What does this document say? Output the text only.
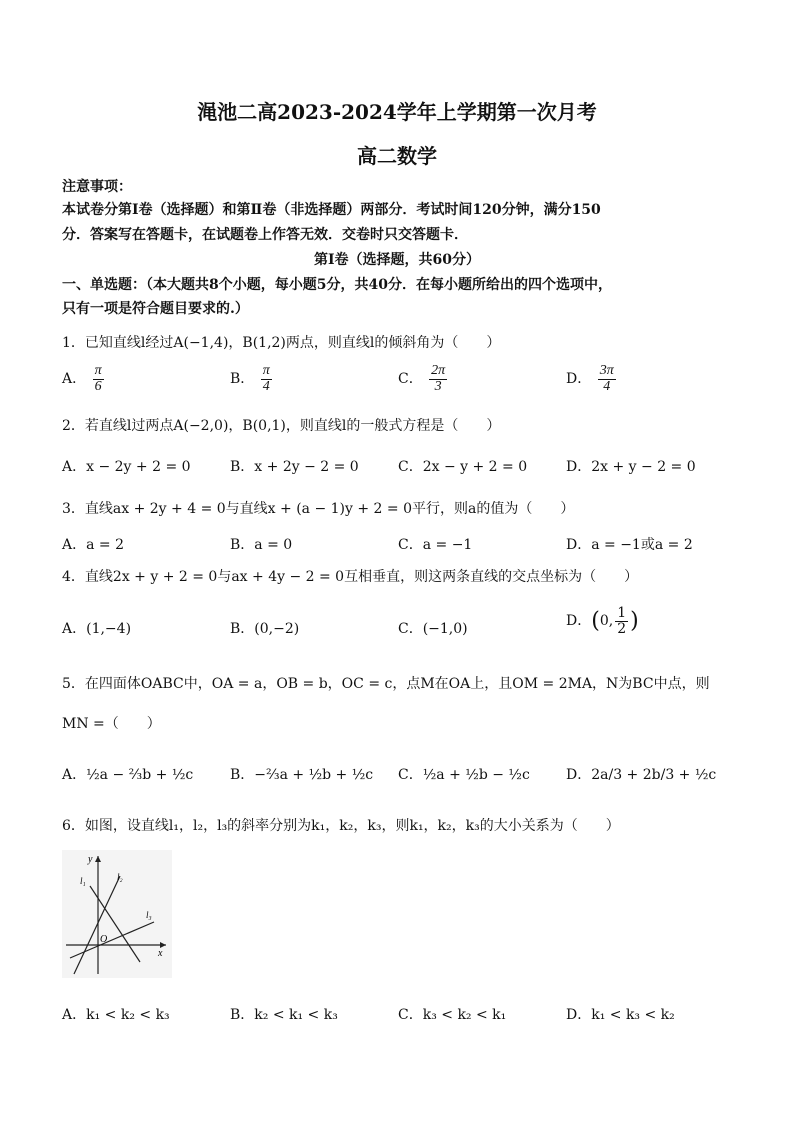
渑池二高2023-2024学年上学期第一次月考
高二数学
注意事项：
本试卷分第Ⅰ卷（选择题）和第Ⅱ卷（非选择题）两部分．考试时间120分钟，满分150
分．答案写在答题卡，在试题卷上作答无效．交卷时只交答题卡．
第Ⅰ卷（选择题，共60分）
一、单选题：（本大题共8个小题，每小题5分，共40分．在每小题所给出的四个选项中，
只有一项是符合题目要求的.）
1．已知直线l经过A(−1,4)，B(1,2)两点，则直线l的倾斜角为（　　）
A． $\frac{\pi}{6}$	B． $\frac{\pi}{4}$	C． $\frac{2\pi}{3}$	D． $\frac{3\pi}{4}$
2．若直线l过两点A(−2,0)，B(0,1)，则直线l的一般式方程是（　　）
A．x − 2y + 2 = 0	B．x + 2y − 2 = 0	C．2x − y + 2 = 0	D．2x + y − 2 = 0
3．直线ax + 2y + 4 = 0与直线x + (a − 1)y + 2 = 0平行，则a的值为（　　）
A．a = 2	B．a = 0	C．a = −1	D．a = −1或a = 2
4．直线2x + y + 2 = 0与ax + 4y − 2 = 0互相垂直，则这两条直线的交点坐标为（　　）
A．(1,−4)	B．(0,−2)	C．(−1,0)	D．(0, $\frac{1}{2}$ )
5．在四面体OABC中，OA = a，OB = b，OC = c，点M在OA上，且OM = 2MA，N为BC中点，则
MN =（　　）
A．½a − ⅔b + ½c	B．−⅔a + ½b + ½c C．½a + ½b − ½c	D．2a/3 + 2b/3 + ½c
6．如图，设直线l₁，l₂，l₃的斜率分别为k₁，k₂，k₃，则k₁，k₂，k₃的大小关系为（　　）
y
x
O
l₁	l₂
l₃
A．k₁ < k₂ < k₃	B．k₂ < k₁ < k₃	C．k₃ < k₂ < k₁	D．k₁ < k₃ < k₂
